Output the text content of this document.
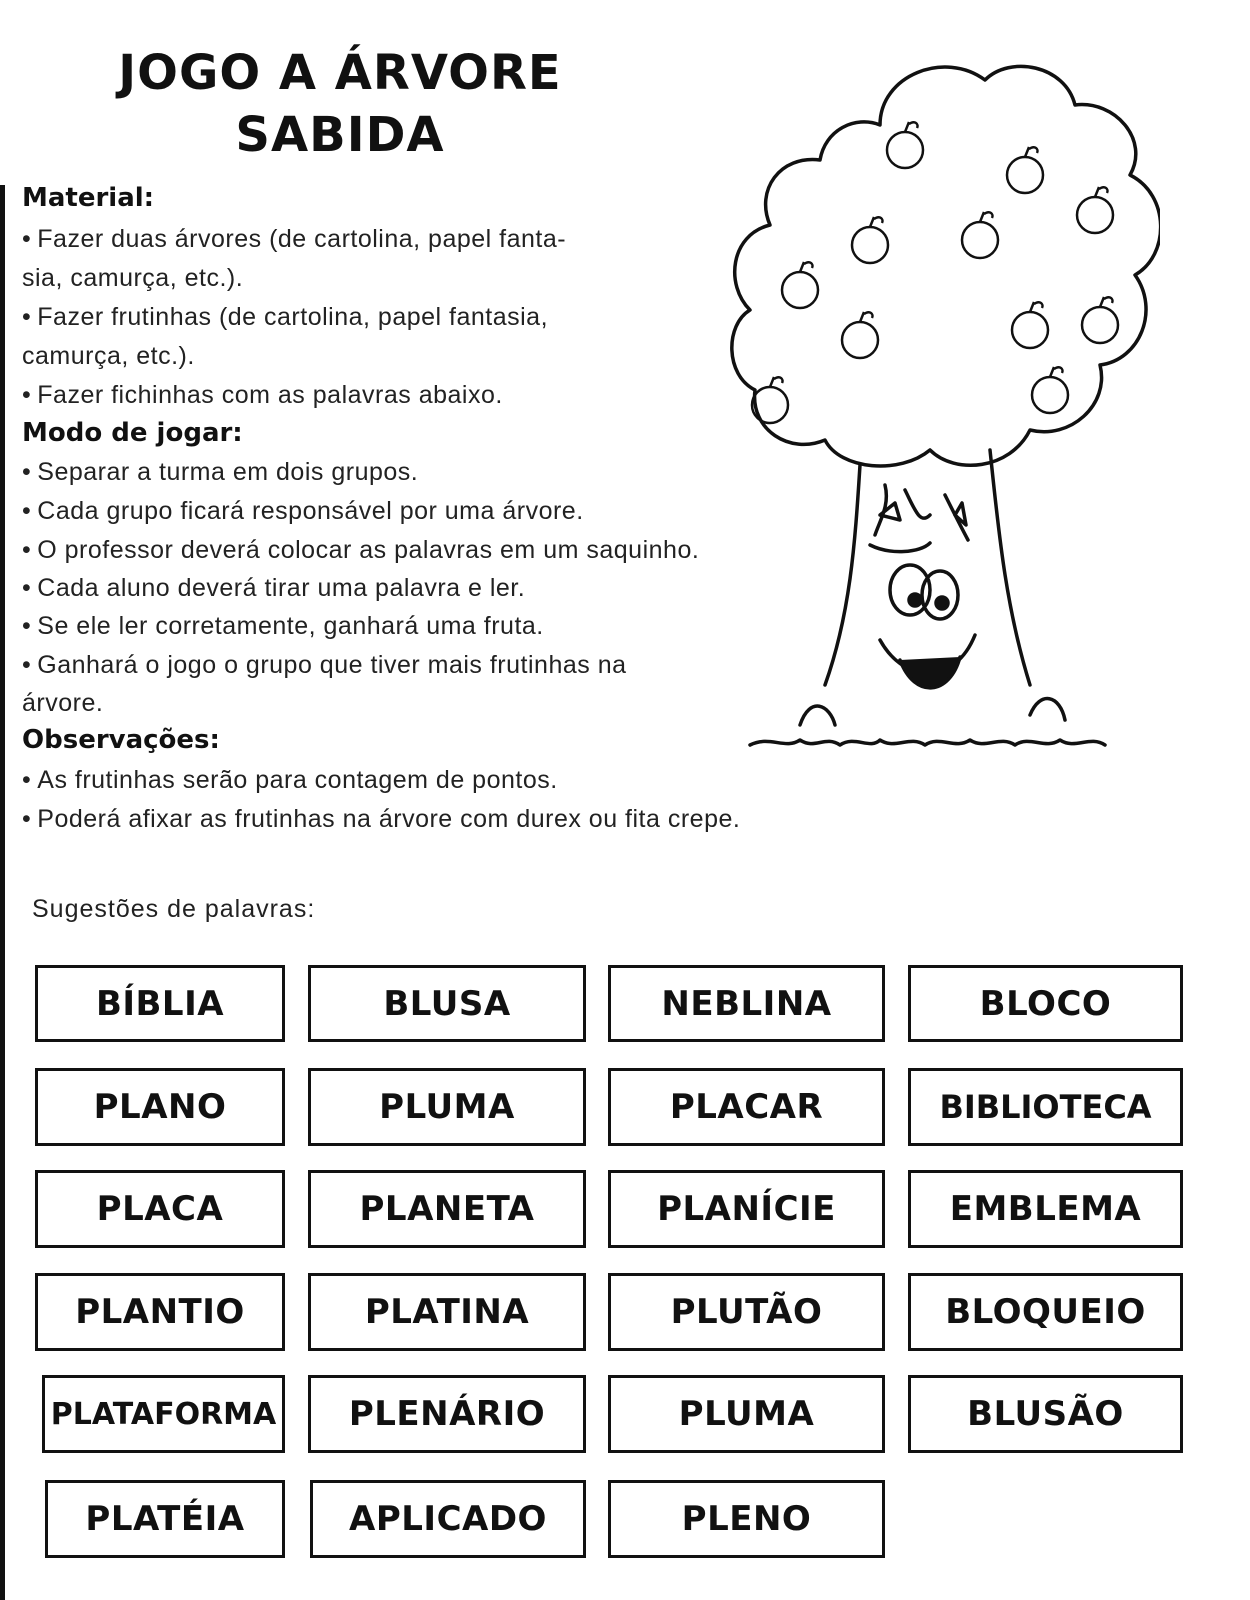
JOGO A ÁRVORE
SABIDA
Material:
• Fazer duas árvores (de cartolina, papel fanta-
sia, camurça, etc.).
• Fazer frutinhas (de cartolina, papel fantasia,
camurça, etc.).
• Fazer fichinhas com as palavras abaixo.
Modo de jogar:
• Separar a turma em dois grupos.
• Cada grupo ficará responsável por uma árvore.
• O professor deverá colocar as palavras em um saquinho.
• Cada aluno deverá tirar uma palavra e ler.
• Se ele ler corretamente, ganhará uma fruta.
• Ganhará o jogo o grupo que tiver mais frutinhas na
árvore.
Observações:
• As frutinhas serão para contagem de pontos.
• Poderá afixar as frutinhas na árvore com durex ou fita crepe.
Sugestões de palavras:
BÍBLIA	BLUSA	NEBLINA	BLOCO
PLANO	PLUMA	PLACAR	BIBLIOTECA
PLACA	PLANETA	PLANÍCIE	EMBLEMA
PLANTIO	PLATINA	PLUTÃO	BLOQUEIO
PLATAFORMA	PLENÁRIO	PLUMA	BLUSÃO
PLATÉIA	APLICADO	PLENO
